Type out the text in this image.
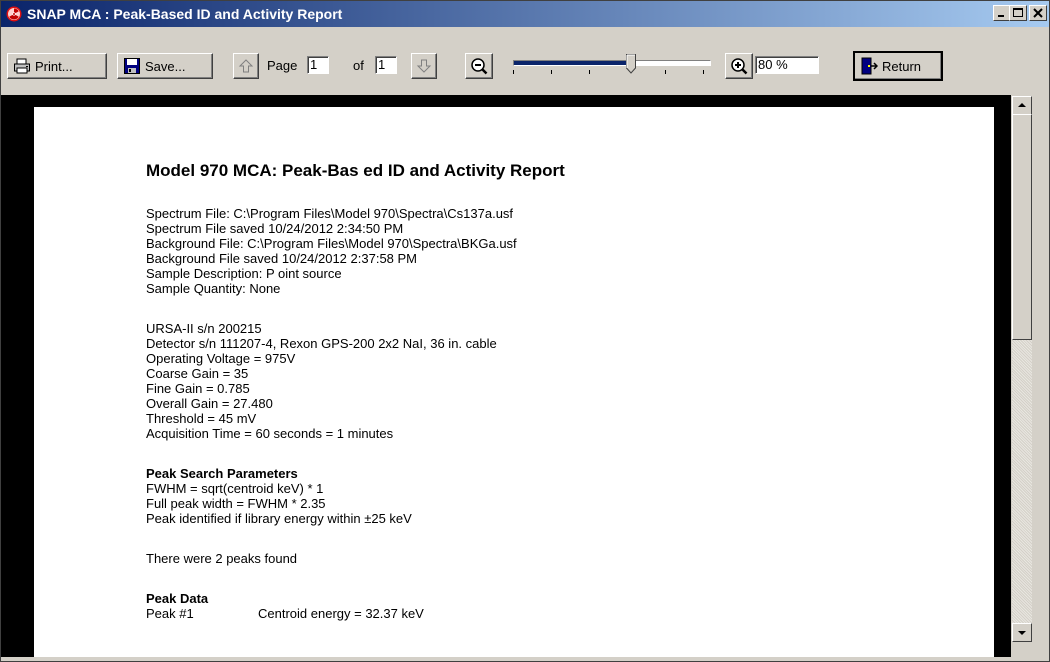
SNAP MCA : Peak-Based ID and Activity Report
Print...	Save...	Page 1	of 1	80 %	Return
Model 970 MCA: Peak-Bas ed ID and Activity Report
Spectrum File: C:\Program Files\Model 970\Spectra\Cs137a.usf
Spectrum File saved 10/24/2012 2:34:50 PM
Background File: C:\Program Files\Model 970\Spectra\BKGa.usf
Background File saved 10/24/2012 2:37:58 PM
Sample Description: P oint source
Sample Quantity: None
URSA-II s/n 200215
Detector s/n 111207-4, Rexon GPS-200 2x2 NaI, 36 in. cable
Operating Voltage = 975V
Coarse Gain = 35
Fine Gain = 0.785
Overall Gain = 27.480
Threshold = 45 mV
Acquisition Time = 60 seconds = 1 minutes
Peak Search Parameters
FWHM = sqrt(centroid keV) * 1
Full peak width = FWHM * 2.35
Peak identified if library energy within ±25 keV
There were 2 peaks found
Peak Data
Peak #1	Centroid energy = 32.37 keV
